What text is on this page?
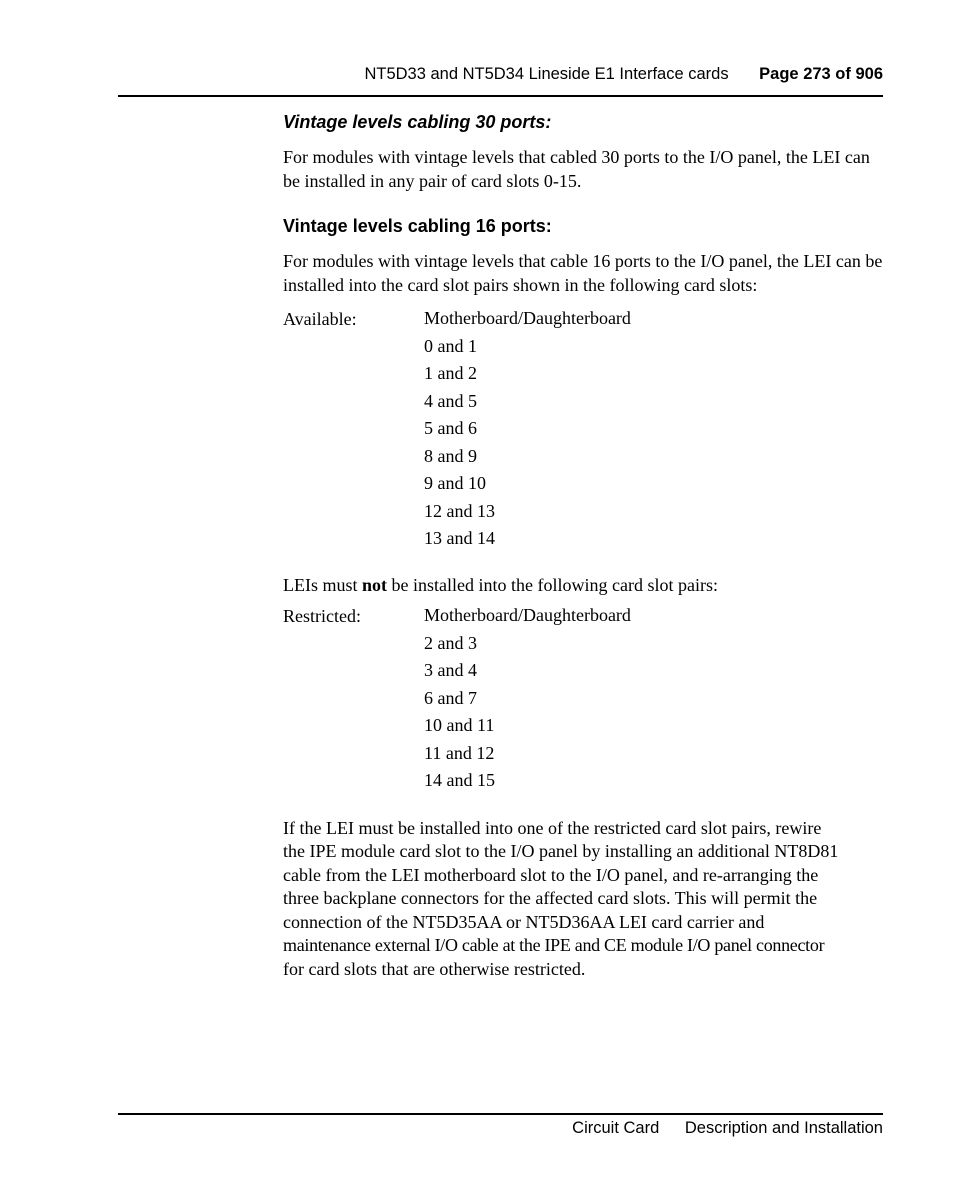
NT5D33 and NT5D34 Lineside E1 Interface cards Page 273 of 906
Vintage levels cabling 30 ports:

For modules with vintage levels that cabled 30 ports to the I/O panel, the LEI can be installed in any pair of card slots 0-15.

Vintage levels cabling 16 ports:

For modules with vintage levels that cable 16 ports to the I/O panel, the LEI can be installed into the card slot pairs shown in the following card slots:

Available:	Motherboard/Daughterboard
0 and 1
1 and 2
4 and 5
5 and 6
8 and 9
9 and 10
12 and 13
13 and 14

LEIs must not be installed into the following card slot pairs:

Restricted:	Motherboard/Daughterboard
2 and 3
3 and 4
6 and 7
10 and 11
11 and 12
14 and 15

If the LEI must be installed into one of the restricted card slot pairs, rewire

the IPE module card slot to the I/O panel by installing an additional NT8D81

cable from the LEI motherboard slot to the I/O panel, and re-arranging the

three backplane connectors for the affected card slots. This will permit the

connection of the NT5D35AA or NT5D36AA LEI card carrier and

maintenance external I/O cable at the IPE and CE module I/O panel connector

for card slots that are otherwise restricted.

Circuit Card Description and Installation
